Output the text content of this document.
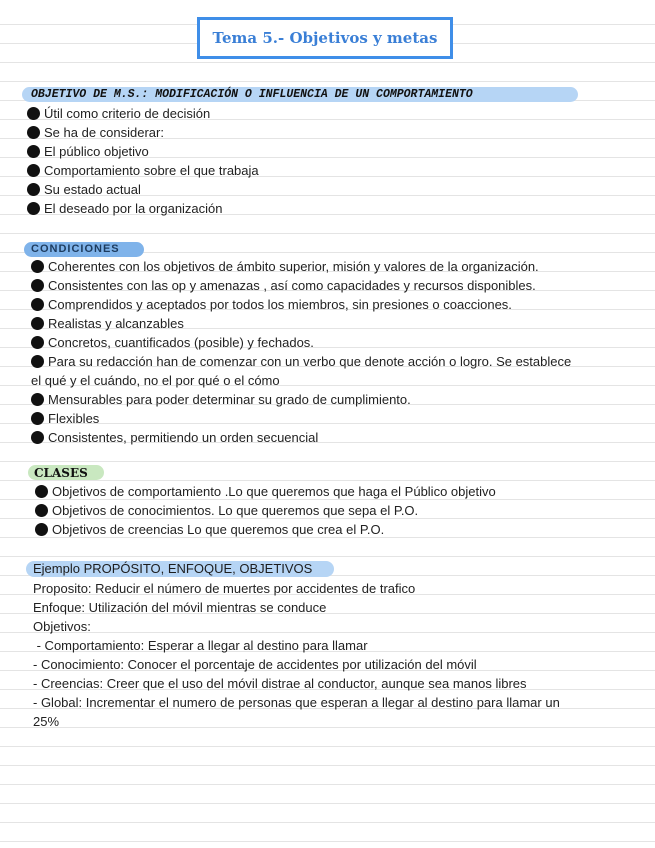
Tema 5.- Objetivos y metas
OBJETIVO DE M.S.: MODIFICACIÓN O INFLUENCIA DE UN COMPORTAMIENTO
Útil como criterio de decisión
Se ha de considerar:
El público objetivo
Comportamiento sobre el que trabaja
Su estado actual
El deseado por la organización
CONDICIONES
Coherentes con los objetivos de ámbito superior, misión y valores de la organización.
Consistentes con las op y amenazas , así como capacidades y recursos disponibles.
Comprendidos y aceptados por todos los miembros, sin presiones o coacciones.
Realistas y alcanzables
Concretos, cuantificados (posible) y fechados.
Para su redacción han de comenzar con un verbo que denote acción o logro. Se establece
el qué y el cuándo, no el por qué o el cómo
Mensurables para poder determinar su grado de cumplimiento.
Flexibles
Consistentes, permitiendo un orden secuencial
CLASES
Objetivos de comportamiento .Lo que queremos que haga el Público objetivo
Objetivos de conocimientos. Lo que queremos que sepa el P.O.
Objetivos de creencias Lo que queremos que crea el P.O.
Ejemplo PROPÓSITO, ENFOQUE, OBJETIVOS
Proposito: Reducir el número de muertes por accidentes de trafico
Enfoque: Utilización del móvil mientras se conduce
Objetivos:
- Comportamiento: Esperar a llegar al destino para llamar
- Conocimiento: Conocer el porcentaje de accidentes por utilización del móvil
- Creencias: Creer que el uso del móvil distrae al conductor, aunque sea manos libres
- Global: Incrementar el numero de personas que esperan a llegar al destino para llamar un
25%
